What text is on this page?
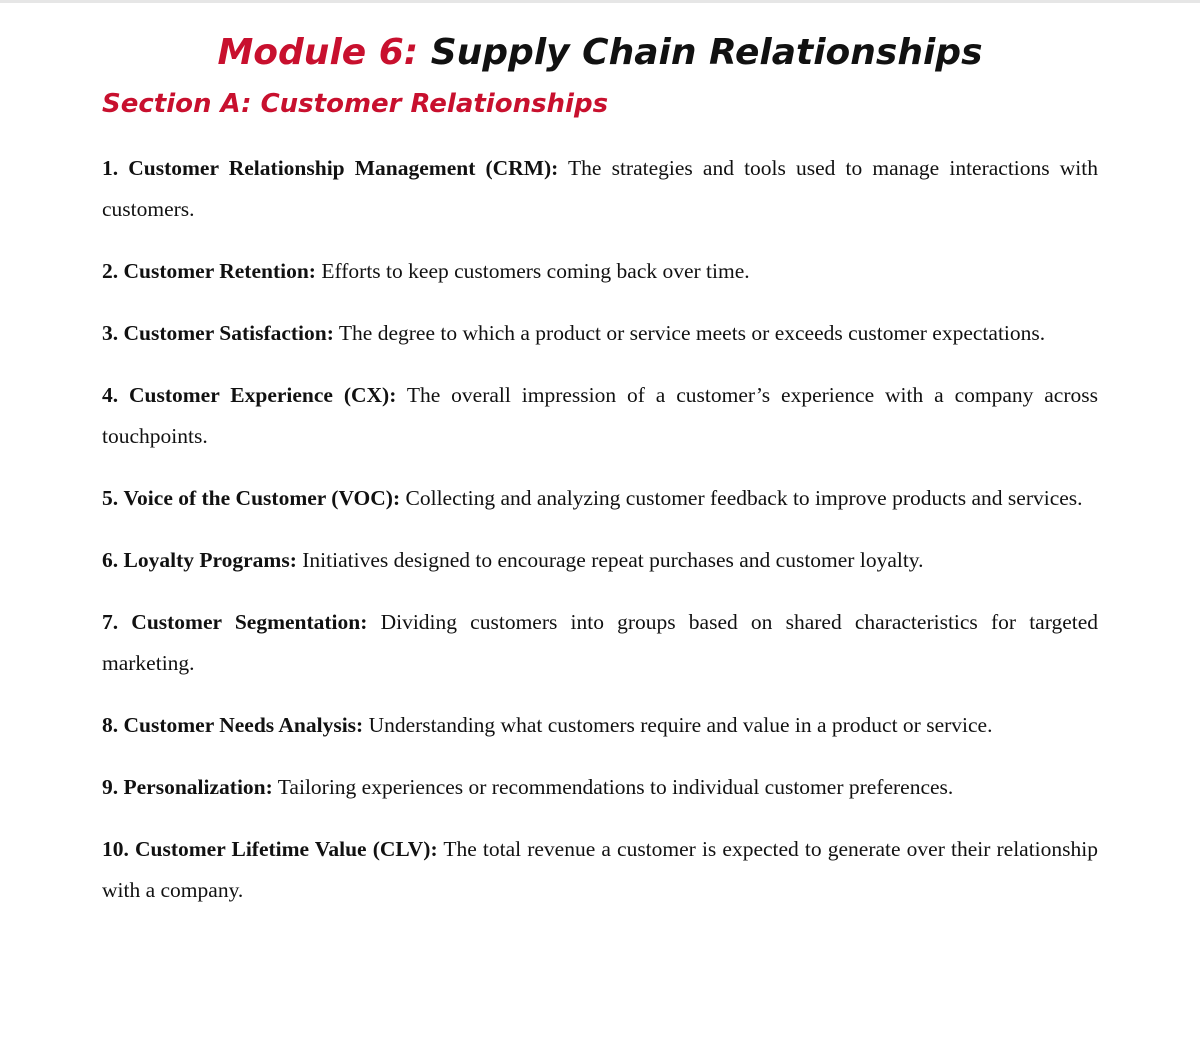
Module 6: Supply Chain Relationships
Section A: Customer Relationships
1. Customer Relationship Management (CRM): The strategies and tools used to manage interactions with customers.
2. Customer Retention: Efforts to keep customers coming back over time.
3. Customer Satisfaction: The degree to which a product or service meets or exceeds customer expectations.
4. Customer Experience (CX): The overall impression of a customer’s experience with a company across touchpoints.
5. Voice of the Customer (VOC): Collecting and analyzing customer feedback to improve products and services.
6. Loyalty Programs: Initiatives designed to encourage repeat purchases and customer loyalty.
7. Customer Segmentation: Dividing customers into groups based on shared characteristics for targeted marketing.
8. Customer Needs Analysis: Understanding what customers require and value in a product or service.
9. Personalization: Tailoring experiences or recommendations to individual customer preferences.
10. Customer Lifetime Value (CLV): The total revenue a customer is expected to generate over their relationship with a company.
